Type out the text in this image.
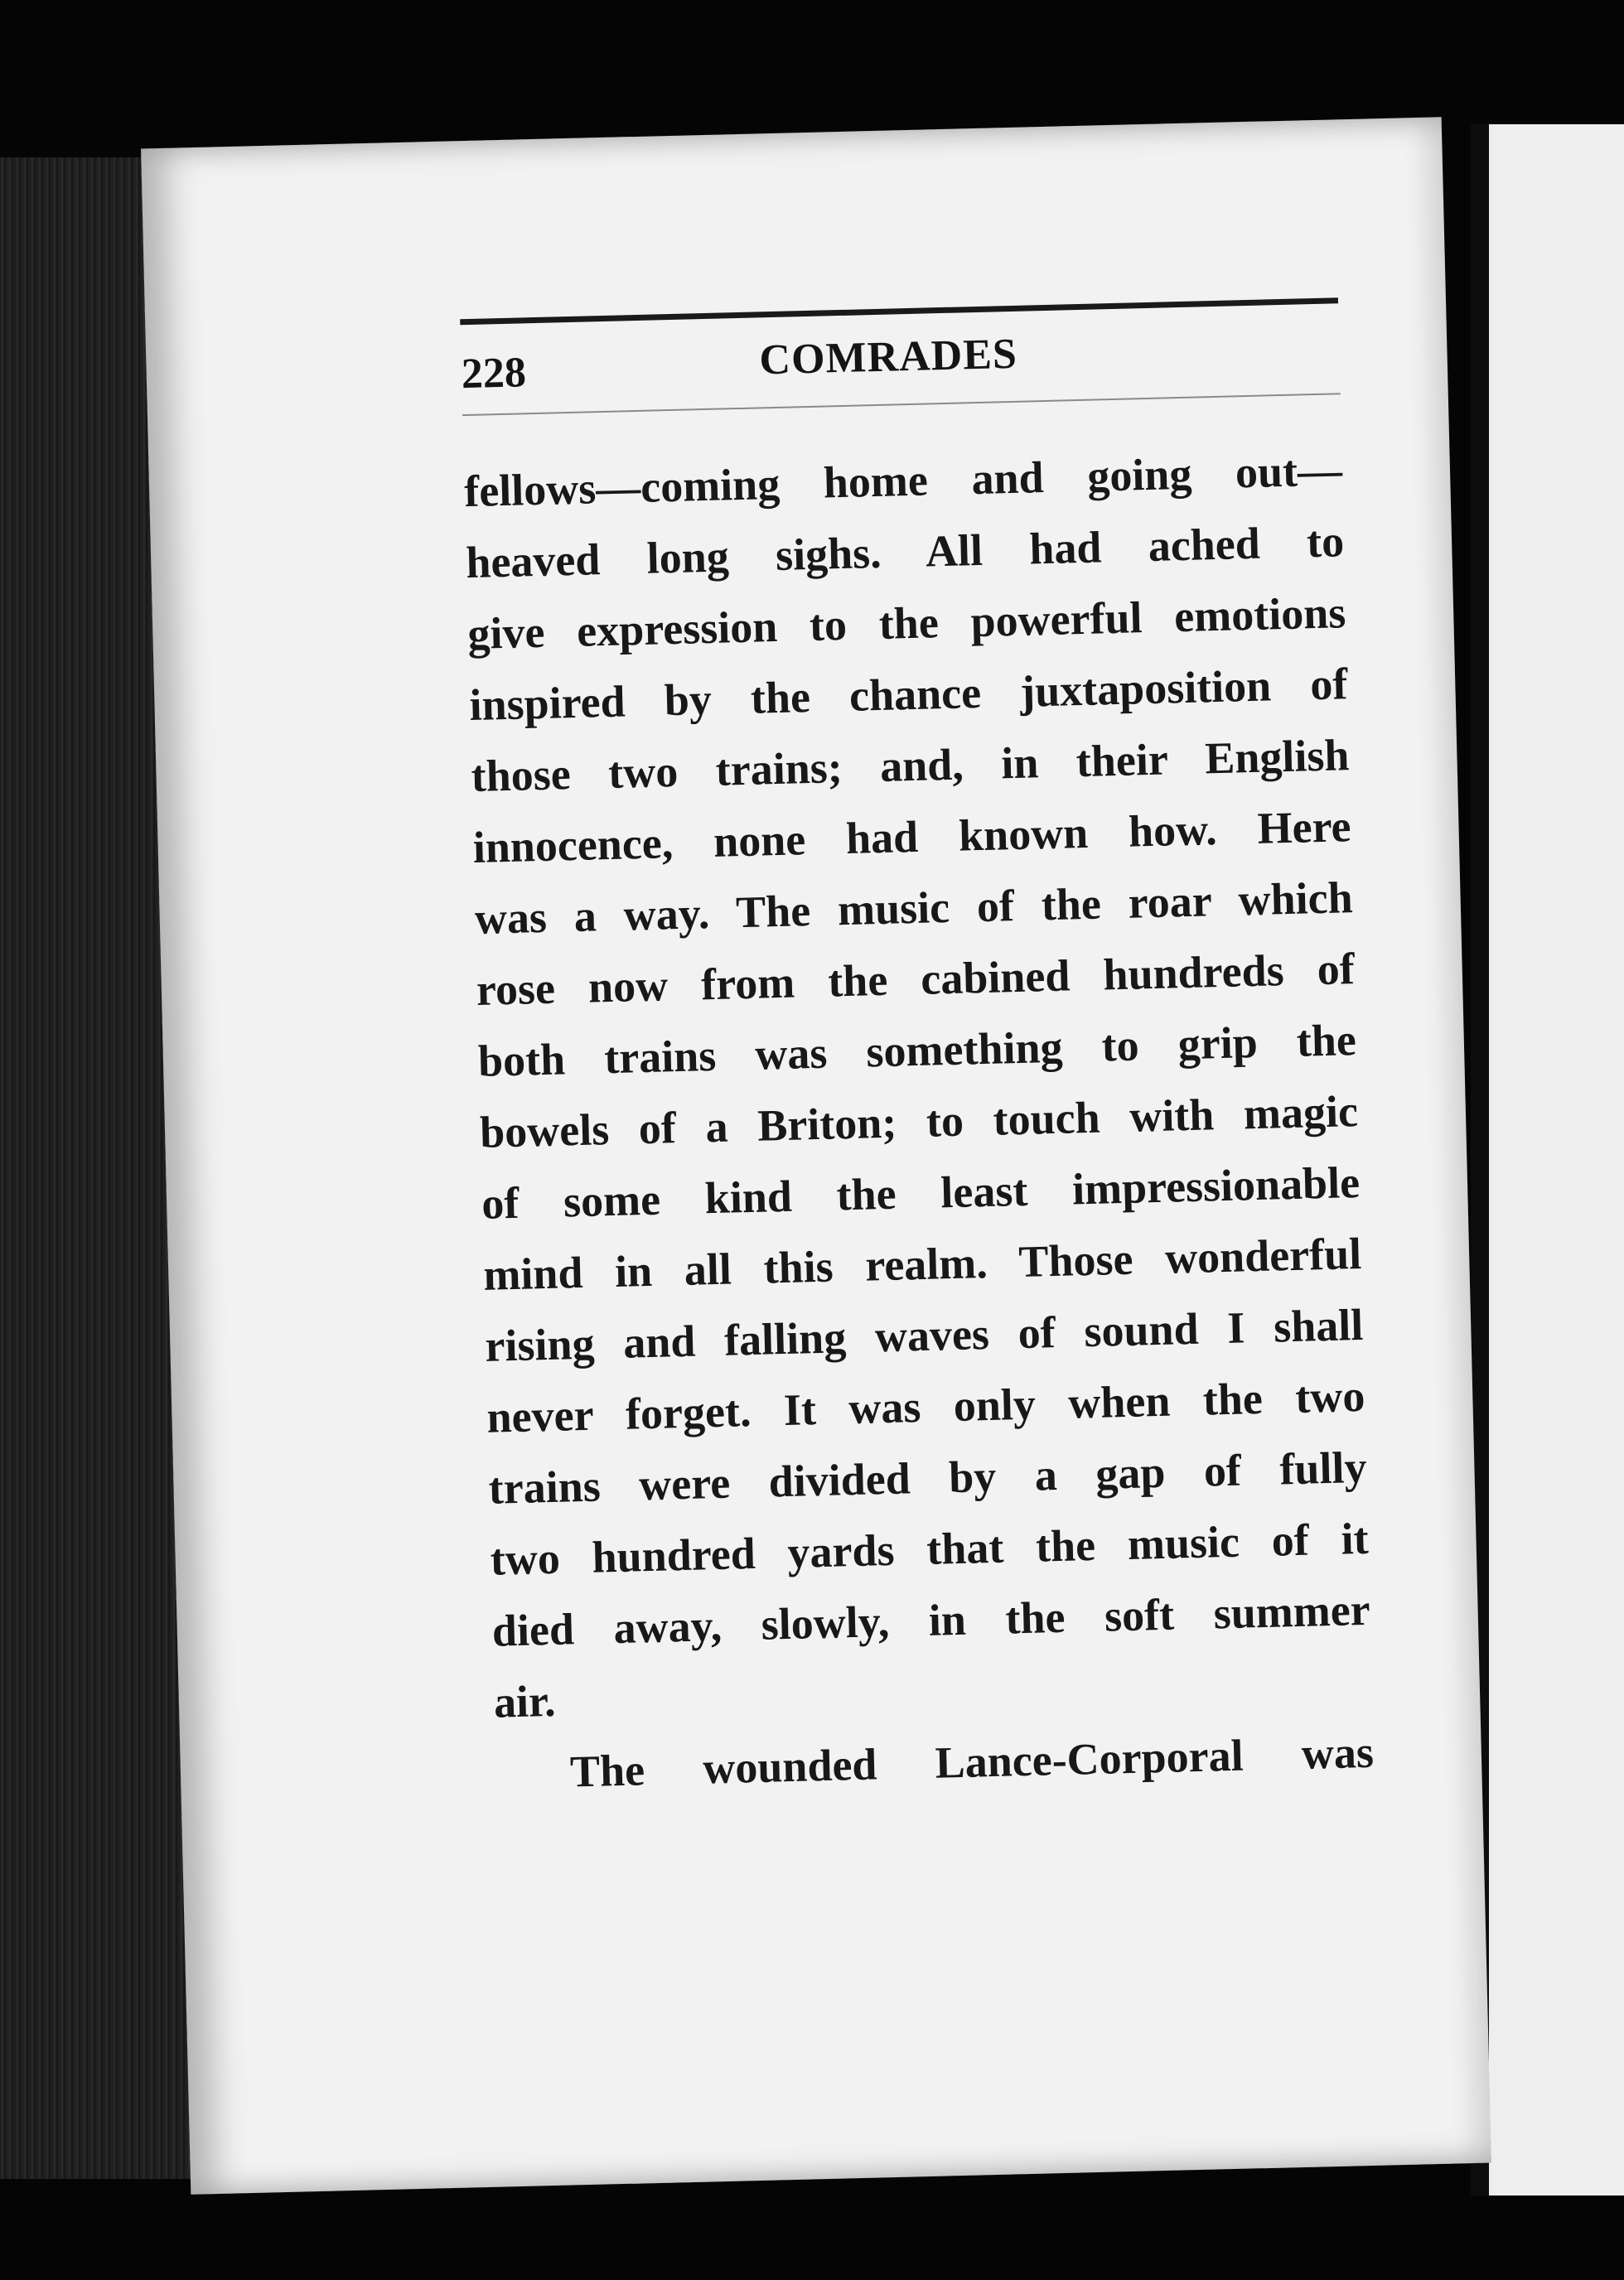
228	COMRADES
fellows—coming home and going out—
heaved long sighs. All had ached to
give expression to the powerful emotions
inspired by the chance juxtaposition of
those two trains; and, in their English
innocence, none had known how. Here
was a way. The music of the roar which
rose now from the cabined hundreds of
both trains was something to grip the
bowels of a Briton; to touch with magic
of some kind the least impressionable
mind in all this realm. Those wonderful
rising and falling waves of sound I shall
never forget. It was only when the two
trains were divided by a gap of fully
two hundred yards that the music of it
died away, slowly, in the soft summer
air.
The wounded Lance-Corporal was
